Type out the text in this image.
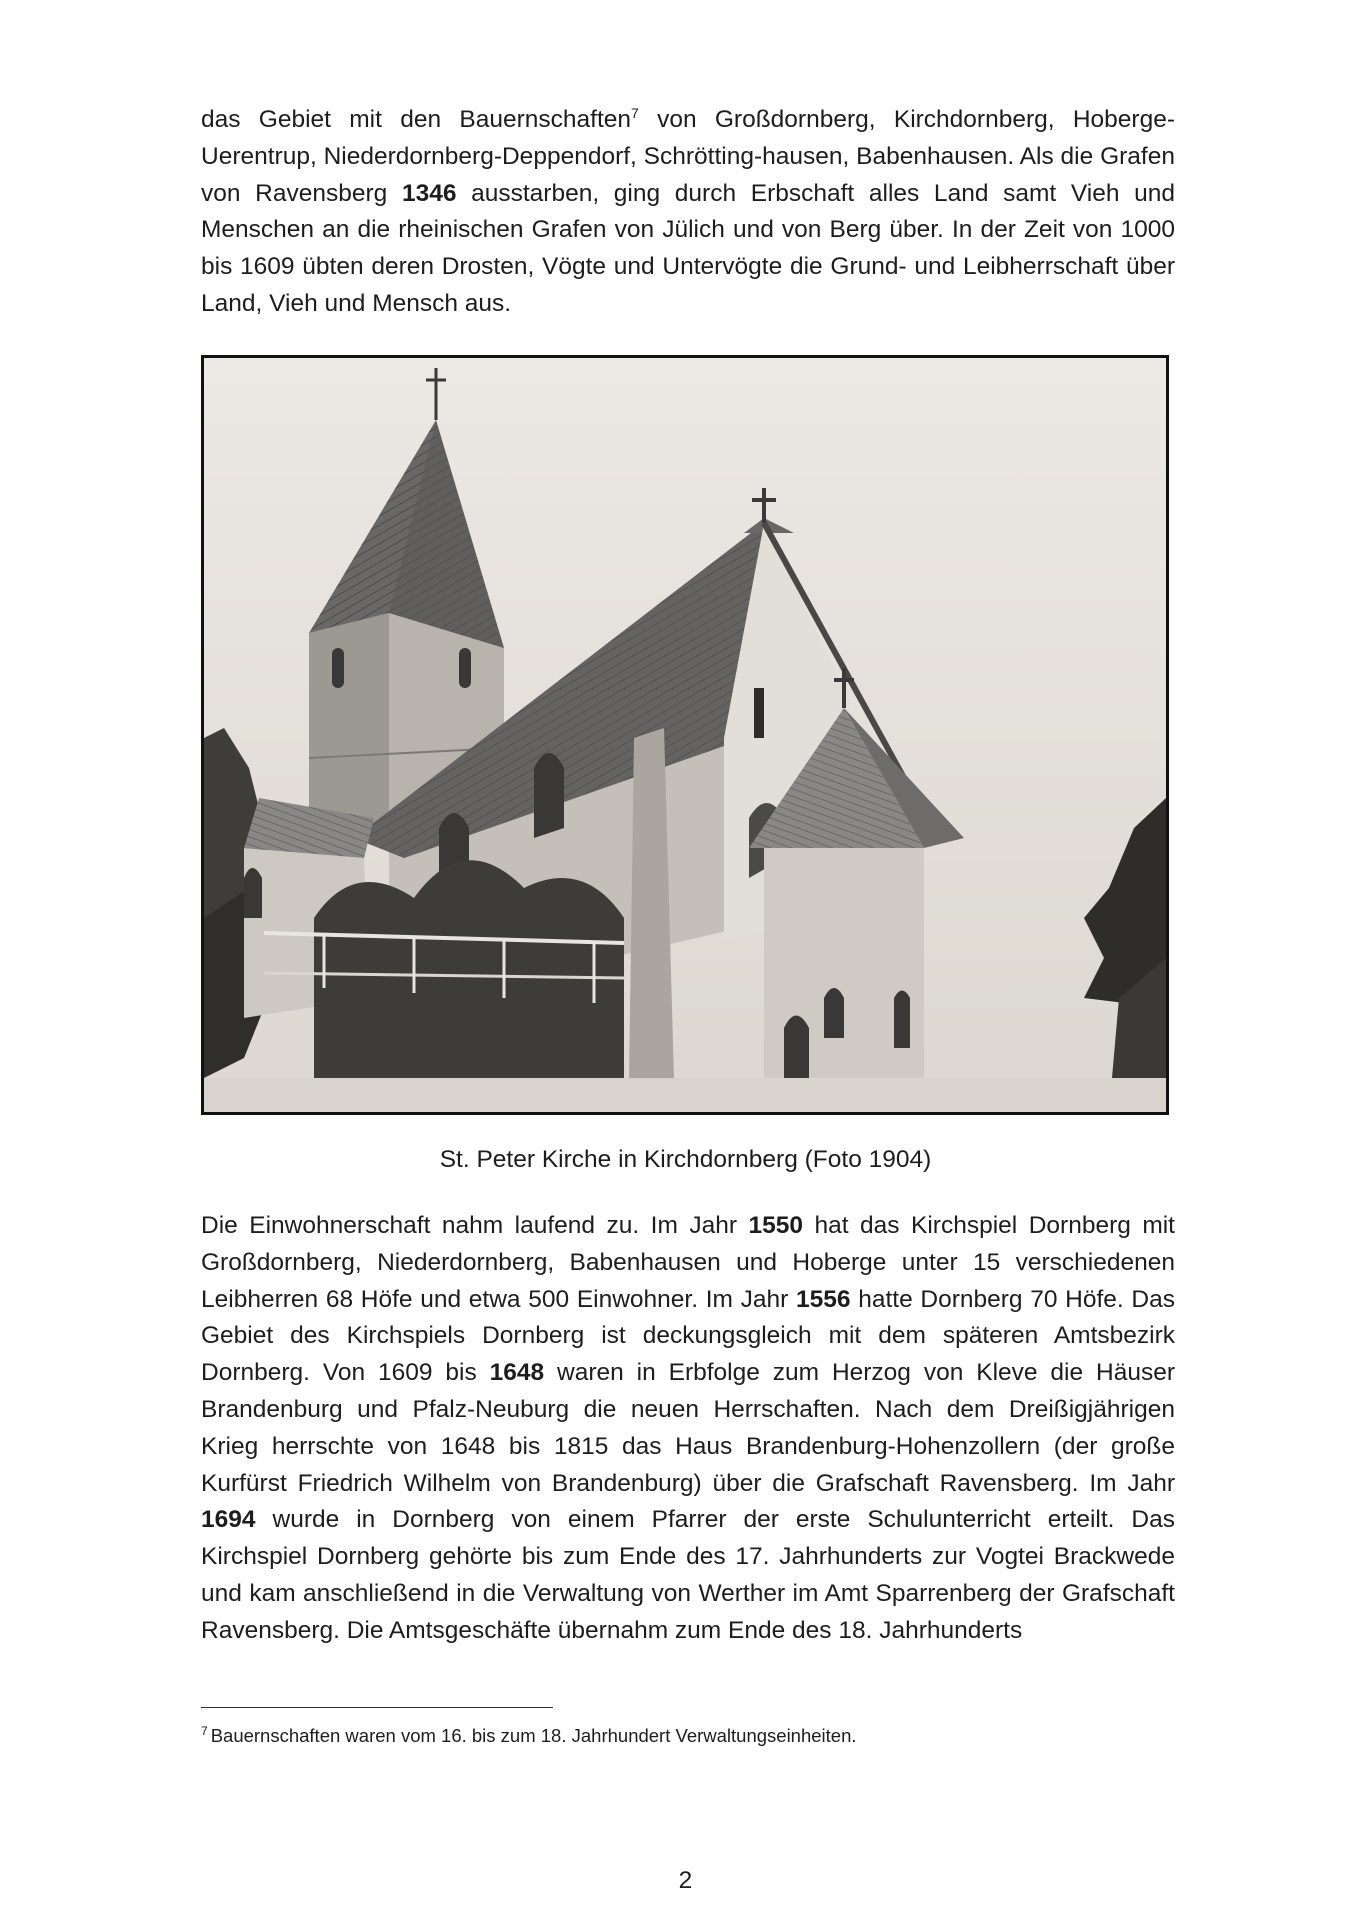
das Gebiet mit den Bauernschaften$^7$ von Großdornberg, Kirchdornberg, Hoberge-Uerentrup, Niederdornberg-Deppendorf, Schrötting-hausen, Babenhausen. Als die Grafen von Ravensberg 1346 ausstarben, ging durch Erbschaft alles Land samt Vieh und Menschen an die rheinischen Grafen von Jülich und von Berg über. In der Zeit von 1000 bis 1609 übten deren Drosten, Vögte und Untervögte die Grund- und Leibherrschaft über Land, Vieh und Mensch aus.

St. Peter Kirche in Kirchdornberg (Foto 1904)

Die Einwohnerschaft nahm laufend zu. Im Jahr 1550 hat das Kirchspiel Dornberg mit Großdornberg, Niederdornberg, Babenhausen und Hoberge unter 15 verschiedenen Leibherren 68 Höfe und etwa 500 Einwohner. Im Jahr 1556 hatte Dornberg 70 Höfe. Das Gebiet des Kirchspiels Dornberg ist deckungsgleich mit dem späteren Amtsbezirk Dornberg. Von 1609 bis 1648 waren in Erbfolge zum Herzog von Kleve die Häuser Brandenburg und Pfalz-Neuburg die neuen Herrschaften. Nach dem Dreißigjährigen Krieg herrschte von 1648 bis 1815 das Haus Brandenburg-Hohenzollern (der große Kurfürst Friedrich Wilhelm von Brandenburg) über die Grafschaft Ravensberg. Im Jahr 1694 wurde in Dornberg von einem Pfarrer der erste Schulunterricht erteilt. Das Kirchspiel Dornberg gehörte bis zum Ende des 17. Jahrhunderts zur Vogtei Brackwede und kam anschließend in die Verwaltung von Werther im Amt Sparrenberg der Grafschaft Ravensberg. Die Amtsgeschäfte übernahm zum Ende des 18. Jahrhunderts

$^7$ Bauernschaften waren vom 16. bis zum 18. Jahrhundert Verwaltungseinheiten.
2
